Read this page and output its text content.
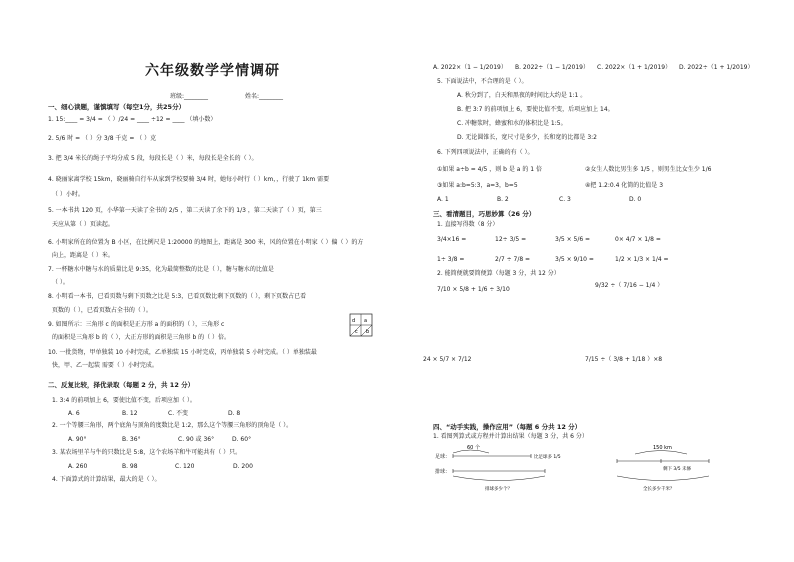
六年级数学学情调研
班级:________	姓名:________
一、细心读题，谨慎填写（每空1分，共25分）
1. 15:____ = 3/4 = （ ）/24 = ____ ÷12 = ____ （填小数）
2. 5/6 时 = （ ）分 3/8 千克 = （ ）克
3. 把 3/4 米长的绳子平均分成 5 段，每段长是（ ）米，每段长是全长的（ ）。
4. 晓丽家离学校 15km，晓丽骑自行车从家到学校要骑 3/4 时，她每小时行（ ）km，，行驶了 1km 需要
（ ）小时。
5. 一本书共 120 页，小华第一天读了全书的 2/5 ，第二天读了余下的 1/3 ，第二天读了（ ）页，第三
天应从第（ ）页读起。
6. 小明家所在的位置为 B 小区，在比例尺是 1:20000 的地图上，距离是 300 米，风的位置在小明家（ ）偏（ ）的方
向上，距离是（ ）米。
7. 一杯糖水中糖与水的质量比是 9:35，化为最简整数的比是（ ），糖与糖水的比值是
（ ）。
8. 小明看一本书，已看页数与剩下页数之比是 5:3，已看页数比剩下页数的（ ），剩下页数占已看
页数的（ ），已看页数占全书的（ ）。
9. 如图所示：三角形 c 的面积是正方形 a 的面积的（ ），三角形 c
的面积是三角形 b 的（ ），大正方形的面积是三角形 b 的（ ）倍。
d
c
a
b
10. 一批货物，甲单独装 10 小时完成，乙单独装 15 小时完成，丙单独装 5 小时完成。（ ）单独装最
快，甲、乙一起装 需要（ ）小时完成。
二、反复比较，择优录取（每题 2 分，共 12 分）
1. 3:4 的前项加上 6，要使比值不变，后项应加（ ）。
A. 6	B. 12	C. 不变	D. 8
2. 一个等腰三角形，两个底角与顶角的度数比是 1:2，那么这个等腰三角形的顶角是（ ）。
A. 90°	B. 36°	C. 90 或 36°	D. 60°
3. 某农场里羊与牛的只数比是 5:8，这个农场羊和牛可能共有（ ）只。
A. 260	B. 98	C. 120	D. 200
4. 下面算式的计算结果，最大的是（ ）。
A. 2022×（1 − 1/2019） B. 2022÷（1 − 1/2019） C. 2022×（1 + 1/2019） D. 2022÷（1 + 1/2019）
5. 下面说法中，不合理的是（ ）。
A. 秋分到了，白天和黑夜的时间比大约是 1:1 。
B. 把 3:7 的前项加上 6，要使比值不变，后项应加上 14。
C. 冲糖浆时，蜂蜜和水的体积比是 1:5。
D. 无论圆锥长，宽尺寸是多少，长和宽的比都是 3:2
6. 下列四项说法中，正确的有（ ）。
①如果 a÷b = 4/5 ，则 b 是 a 的 1 倍	②女生人数比男生多 1/5 ，则男生比女生少 1/6
③如果 a:b=5:3，a=3，b=5	④把 1.2:0.4 化简的比值是 3
A. 1	B. 2	C. 3	D. 0
三、看清题目，巧思妙算（26 分）
1. 直接写得数（8 分）
3/4×16 =	12÷ 3/5 =	3/5 × 5/6 =	0× 4/7 × 1/8 =
1÷ 3/8 =	2/7 ÷ 7/8 =	3/5 × 9/10 =	1/2 × 1/3 × 1/4 =
2. 能简便就要简便算（每题 3 分，共 12 分）
7/10 × 5/8 + 1/6 ÷ 3/10
9/32 ÷（ 7/16 − 1/4 ）
24 × 5/7 × 7/12	7/15 ÷（ 3/8 + 1/18 ）×8
四、“动手实践，操作应用”（每题 6 分共 12 分）
1. 看图列算式或方程并计算出结果（每题 3 分，共 6 分）
60 个
足球：	比足球多 1/5
排球：
排球多少个？
150 km
剩下 3/5 未修
全长多少千米？
